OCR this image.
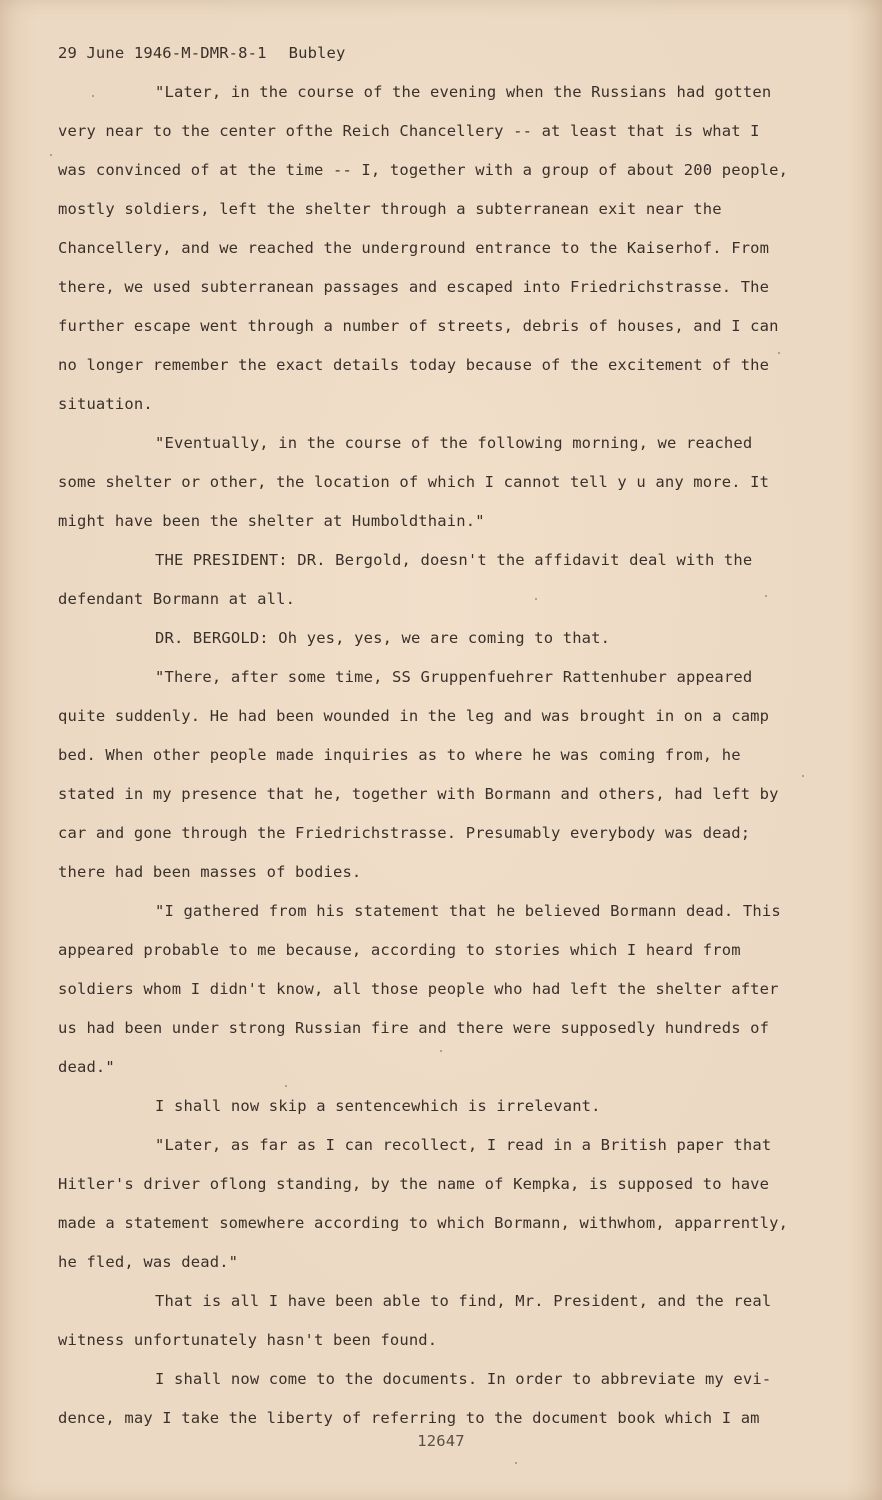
29 June 1946-M-DMR-8-1 Bubley
"Later, in the course of the evening when the Russians had gotten
very near to the center ofthe Reich Chancellery -- at least that is what I
was convinced of at the time -- I, together with a group of about 200 people,
mostly soldiers, left the shelter through a subterranean exit near the
Chancellery, and we reached the underground entrance to the Kaiserhof. From
there, we used subterranean passages and escaped into Friedrichstrasse. The
further escape went through a number of streets, debris of houses, and I can
no longer remember the exact details today because of the excitement of the
situation.
"Eventually, in the course of the following morning, we reached
some shelter or other, the location of which I cannot tell y u any more. It
might have been the shelter at Humboldthain."
THE PRESIDENT: DR. Bergold, doesn't the affidavit deal with the
defendant Bormann at all.
DR. BERGOLD: Oh yes, yes, we are coming to that.
"There, after some time, SS Gruppenfuehrer Rattenhuber appeared
quite suddenly. He had been wounded in the leg and was brought in on a camp
bed. When other people made inquiries as to where he was coming from, he
stated in my presence that he, together with Bormann and others, had left by
car and gone through the Friedrichstrasse. Presumably everybody was dead;
there had been masses of bodies.
"I gathered from his statement that he believed Bormann dead. This
appeared probable to me because, according to stories which I heard from
soldiers whom I didn't know, all those people who had left the shelter after
us had been under strong Russian fire and there were supposedly hundreds of
dead."
I shall now skip a sentencewhich is irrelevant.
"Later, as far as I can recollect, I read in a British paper that
Hitler's driver oflong standing, by the name of Kempka, is supposed to have
made a statement somewhere according to which Bormann, withwhom, apparrently,
he fled, was dead."
That is all I have been able to find, Mr. President, and the real
witness unfortunately hasn't been found.
I shall now come to the documents. In order to abbreviate my evi-
dence, may I take the liberty of referring to the document book which I am
12647
